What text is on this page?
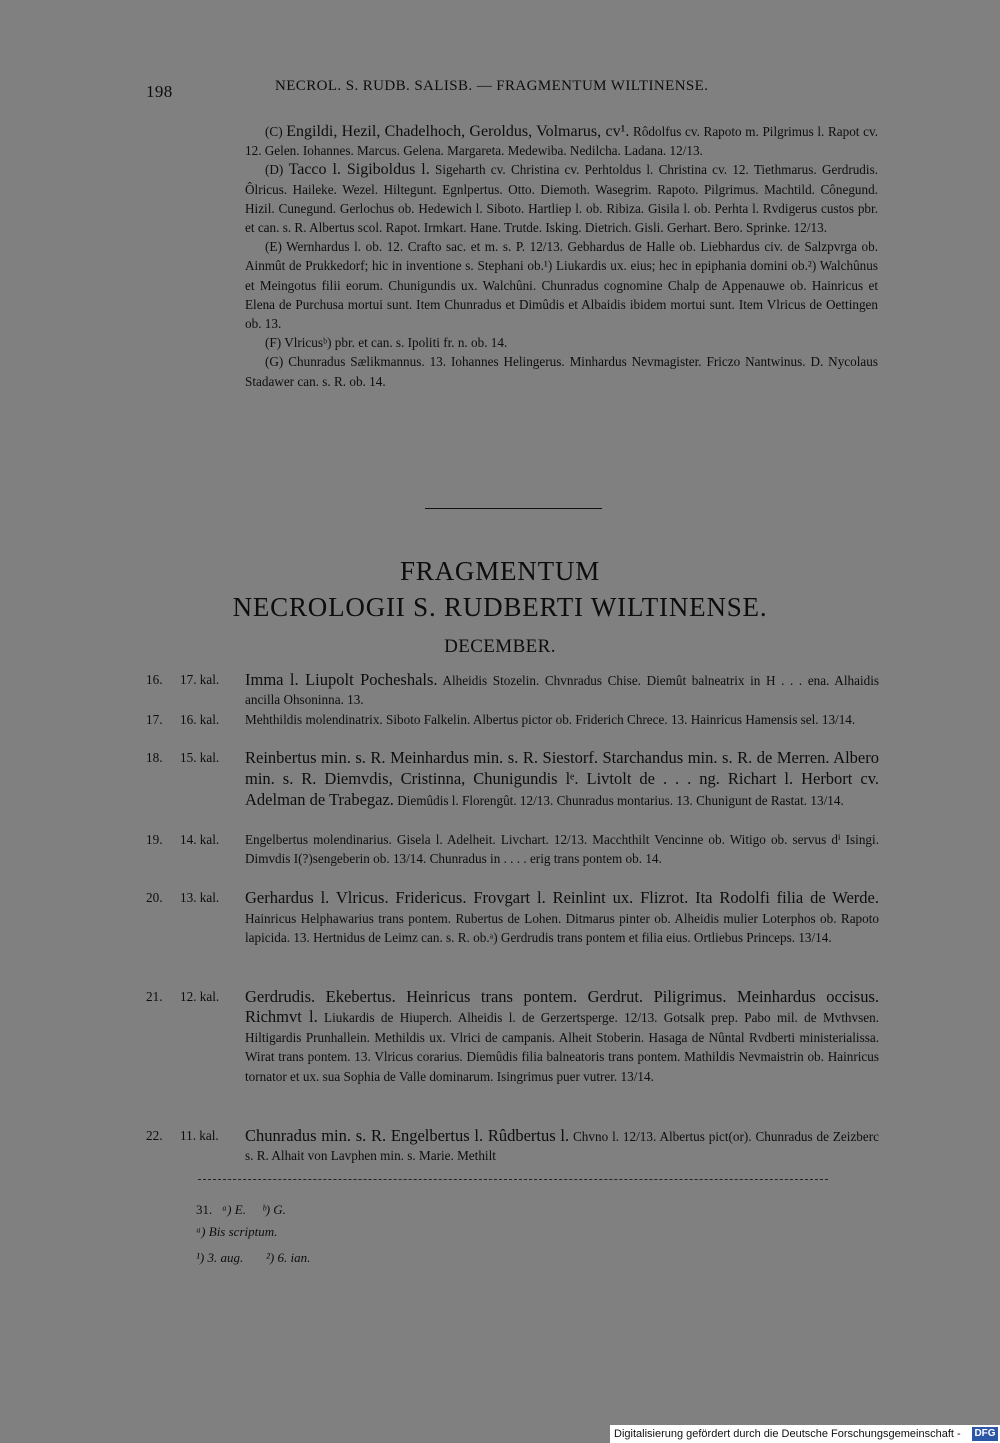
198	NECROL. S. RUDB. SALISB. — FRAGMENTUM WILTINENSE.

(C) Engildi, Hezil, Chadelhoch, Geroldus, Volmarus, cv¹. Rôdolfus cv. Rapoto m. Pilgrimus l. Rapot cv. 12. Gelen. Iohannes. Marcus. Gelena. Margareta. Medewiba. Nedilcha. Ladana. 12/13.

(D) Tacco l. Sigiboldus l. Sigeharth cv. Christina cv. Perhtoldus l. Christina cv. 12. Tiethmarus. Gerdrudis. Ôlricus. Haileke. Wezel. Hiltegunt. Egnlpertus. Otto. Diemoth. Wasegrim. Rapoto. Pilgrimus. Machtild. Cônegund. Hizil. Cunegund. Gerlochus ob. Hedewich l. Siboto. Hartliep l. ob. Ribiza. Gisila l. ob. Perhta l. Rvdigerus custos pbr. et can. s. R. Albertus scol. Rapot. Irmkart. Hane. Trutde. Isking. Dietrich. Gisli. Gerhart. Bero. Sprinke. 12/13.

(E) Wernhardus l. ob. 12. Crafto sac. et m. s. P. 12/13. Gebhardus de Halle ob. Liebhardus civ. de Salzpvrga ob. Ainmût de Prukkedorf; hic in inventione s. Stephani ob.¹) Liukardis ux. eius; hec in epiphania domini ob.²) Walchûnus et Meingotus filii eorum. Chunigundis ux. Walchûni. Chunradus cognomine Chalp de Appenauwe ob. Hainricus et Elena de Purchusa mortui sunt. Item Chunradus et Dimûdis et Albaidis ibidem mortui sunt. Item Vlricus de Oettingen ob. 13.

(F) Vlricusᵇ) pbr. et can. s. Ipoliti fr. n. ob. 14.

(G) Chunradus Sælikmannus. 13. Iohannes Helingerus. Minhardus Nevmagister. Friczo Nantwinus. D. Nycolaus Stadawer can. s. R. ob. 14.

FRAGMENTUM
NECROLOGII S. RUDBERTI WILTINENSE.
DECEMBER.
16.	17. kal.	Imma l. Liupolt Pocheshals. Alheidis Stozelin. Chvnradus Chise. Diemût balneatrix in H . . . ena. Alhaidis ancilla Ohsoninna. 13.
17.	16. kal.	Mehthildis molendinatrix. Siboto Falkelin. Albertus pictor ob. Friderich Chrece. 13. Hainricus Hamensis sel. 13/14.
18.	15. kal.	Reinbertus min. s. R. Meinhardus min. s. R. Siestorf. Starchandus min. s. R. de Merren. Albero min. s. R. Diemvdis, Cristinna, Chunigundis lᵉ. Livtolt de . . . ng. Richart l. Herbort cv. Adelman de Trabegaz. Diemûdis l. Florengût. 12/13. Chunradus montarius. 13. Chunigunt de Rastat. 13/14.
19.	14. kal.	Engelbertus molendinarius. Gisela l. Adelheit. Livchart. 12/13. Macchthilt Vencinne ob. Witigo ob. servus dⁱ Isingi. Dimvdis I(?)sengeberin ob. 13/14. Chunradus in . . . . erig trans pontem ob. 14.
20.	13. kal.	Gerhardus l. Vlricus. Fridericus. Frovgart l. Reinlint ux. Flizrot. Ita Rodolfi filia de Werde. Hainricus Helphawarius trans pontem. Rubertus de Lohen. Ditmarus pinter ob. Alheidis mulier Loterphos ob. Rapoto lapicida. 13. Hertnidus de Leimz can. s. R. ob.ᵃ) Gerdrudis trans pontem et filia eius. Ortliebus Princeps. 13/14.
21.	12. kal.	Gerdrudis. Ekebertus. Heinricus trans pontem. Gerdrut. Piligrimus. Meinhardus occisus. Richmvt l. Liukardis de Hiuperch. Alheidis l. de Gerzertsperge. 12/13. Gotsalk prep. Pabo mil. de Mvthvsen. Hiltigardis Prunhallein. Methildis ux. Vlrici de campanis. Alheit Stoberin. Hasaga de Nûntal Rvdberti ministerialissa. Wirat trans pontem. 13. Vlricus corarius. Diemûdis filia balneatoris trans pontem. Mathildis Nevmaistrin ob. Hainricus tornator et ux. sua Sophia de Valle dominarum. Isingrimus puer vutrer. 13/14.
22.	11. kal.	Chunradus min. s. R. Engelbertus l. Rûdbertus l. Chvno l. 12/13. Albertus pict(or). Chunradus de Zeizberc s. R. Alhait von Lavphen min. s. Marie. Methilt
31. ᵃ) E. ᵇ) G.
ᵃ) Bis scriptum.
¹) 3. aug. ²) 6. ian.
Digitalisierung gefördert durch die Deutsche Forschungsgemeinschaft - DFG
